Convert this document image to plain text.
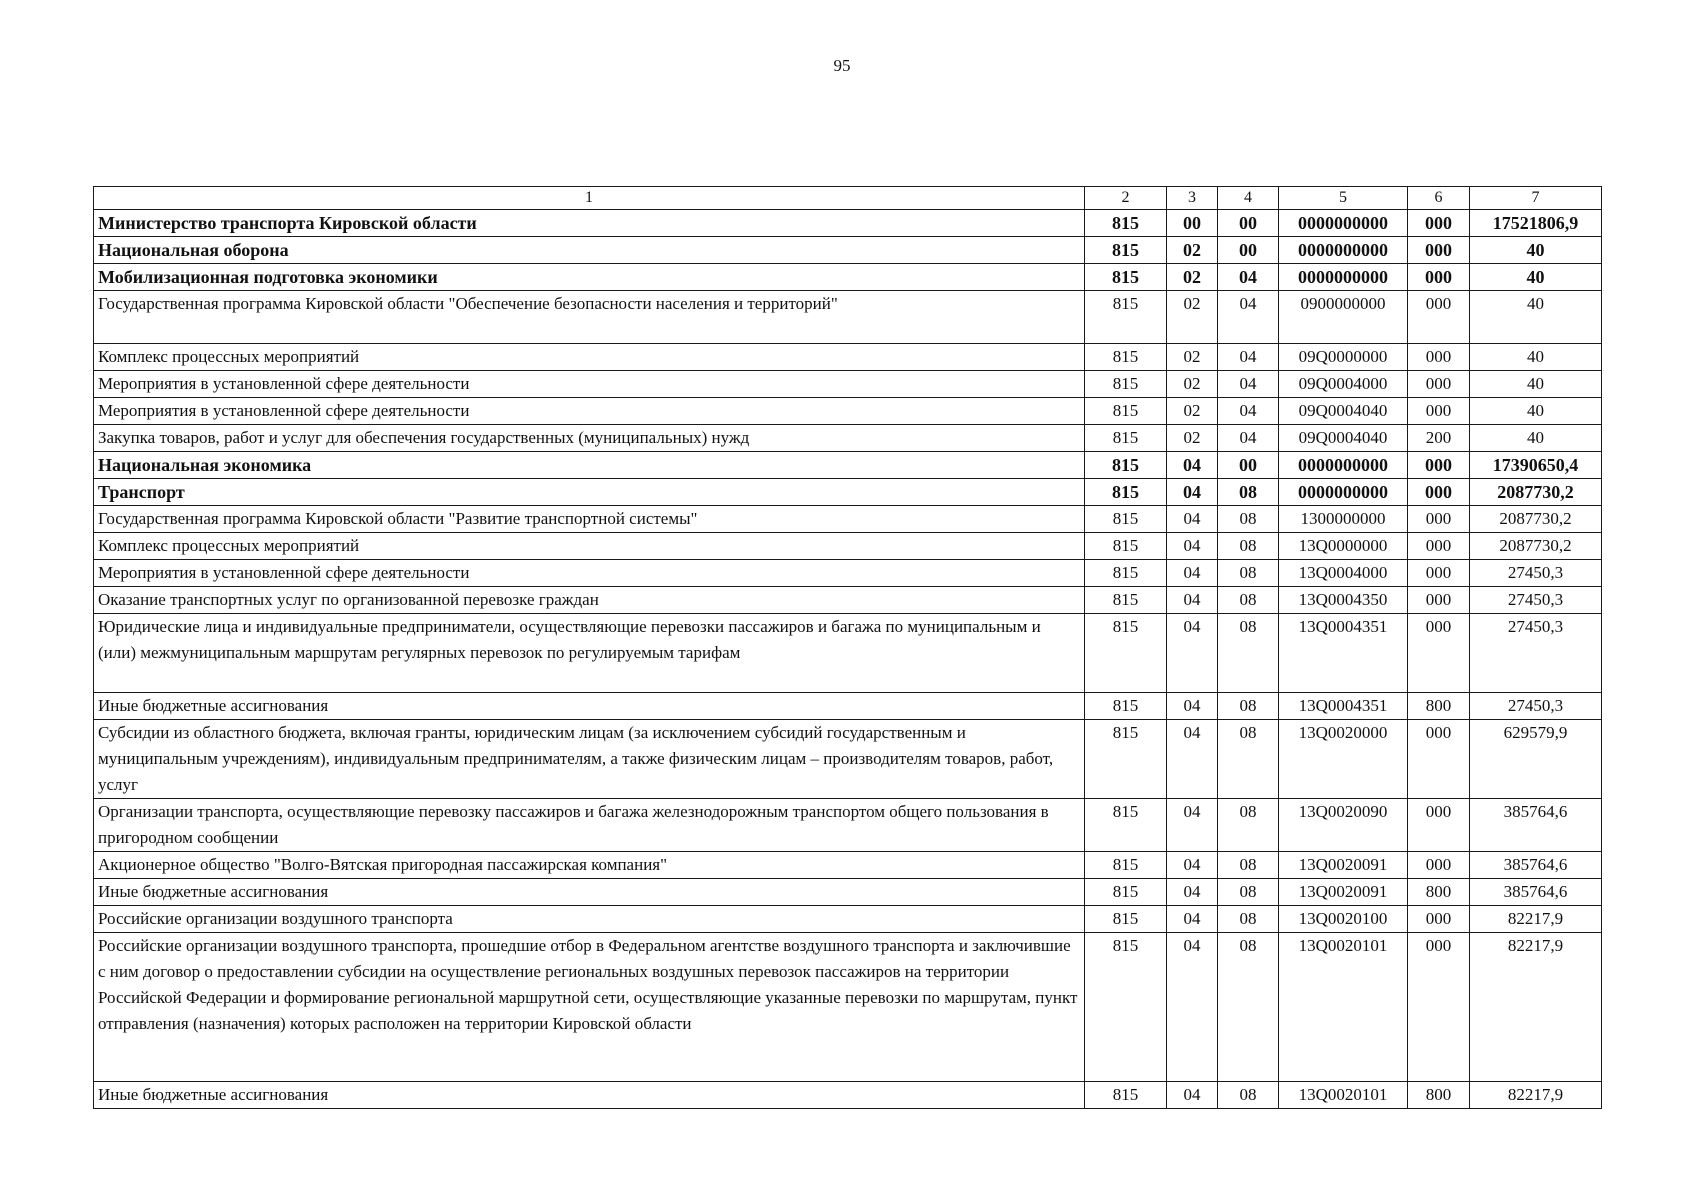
95
1	2	3	4	5	6	7
Министерство транспорта Кировской области	815	00	00	0000000000	000	17521806,9
Национальная оборона	815	02	00	0000000000	000	40
Мобилизационная подготовка экономики	815	02	04	0000000000	000	40
Государственная программа Кировской области "Обеспечение безопасности населения и территорий"	815	02	04	0900000000	000	40
Комплекс процессных мероприятий	815	02	04	09Q0000000	000	40
Мероприятия в установленной сфере деятельности	815	02	04	09Q0004000	000	40
Мероприятия в установленной сфере деятельности	815	02	04	09Q0004040	000	40
Закупка товаров, работ и услуг для обеспечения государственных (муниципальных) нужд	815	02	04	09Q0004040	200	40
Национальная экономика	815	04	00	0000000000	000	17390650,4
Транспорт	815	04	08	0000000000	000	2087730,2
Государственная программа Кировской области "Развитие транспортной системы"	815	04	08	1300000000	000	2087730,2
Комплекс процессных мероприятий	815	04	08	13Q0000000	000	2087730,2
Мероприятия в установленной сфере деятельности	815	04	08	13Q0004000	000	27450,3
Оказание транспортных услуг по организованной перевозке граждан	815	04	08	13Q0004350	000	27450,3
Юридические лица и индивидуальные предприниматели, осуществляющие перевозки пассажиров и багажа по муниципальным и (или) межмуниципальным маршрутам регулярных перевозок по регулируемым тарифам	815	04	08	13Q0004351	000	27450,3
Иные бюджетные ассигнования	815	04	08	13Q0004351	800	27450,3
Субсидии из областного бюджета, включая гранты, юридическим лицам (за исключением субсидий государственным и муниципальным учреждениям), индивидуальным предпринимателям, а также физическим лицам – производителям товаров, работ, услуг	815	04	08	13Q0020000	000	629579,9
Организации транспорта, осуществляющие перевозку пассажиров и багажа железнодорожным транспортом общего пользования в пригородном сообщении	815	04	08	13Q0020090	000	385764,6
Акционерное общество "Волго-Вятская пригородная пассажирская компания"	815	04	08	13Q0020091	000	385764,6
Иные бюджетные ассигнования	815	04	08	13Q0020091	800	385764,6
Российские организации воздушного транспорта	815	04	08	13Q0020100	000	82217,9
Российские организации воздушного транспорта, прошедшие отбор в Федеральном агентстве воздушного транспорта и заключившие с ним договор о предоставлении субсидии на осуществление региональных воздушных перевозок пассажиров на территории Российской Федерации и формирование региональной маршрутной сети, осуществляющие указанные перевозки по маршрутам, пункт отправления (назначения) которых расположен на территории Кировской области	815	04	08	13Q0020101	000	82217,9
Иные бюджетные ассигнования	815	04	08	13Q0020101	800	82217,9
